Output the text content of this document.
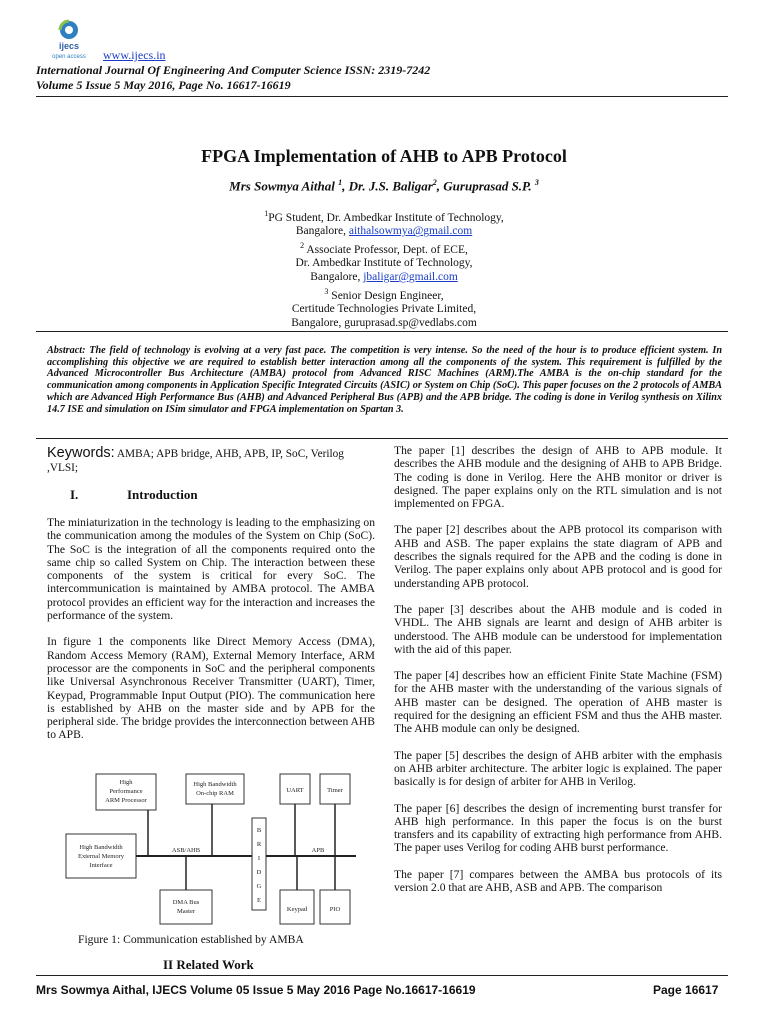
ijecs
open access www.ijecs.in
International Journal Of Engineering And Computer Science ISSN: 2319-7242
Volume 5 Issue 5 May 2016, Page No. 16617-16619
FPGA Implementation of AHB to APB Protocol
Mrs Sowmya Aithal $^1$, Dr. J.S. Baligar$^2$, Guruprasad S.P. $^3$
$^1$PG Student, Dr. Ambedkar Institute of Technology,
Bangalore, aithalsowmya@gmail.com
$^2$ Associate Professor, Dept. of ECE,
Dr. Ambedkar Institute of Technology,
Bangalore, jbaligar@gmail.com
$^3$ Senior Design Engineer,
Certitude Technologies Private Limited,
Bangalore, guruprasad.sp@vedlabs.com
Abstract: The field of technology is evolving at a very fast pace. The competition is very intense. So the need of the hour is to produce efficient system. In accomplishing this objective we are required to establish better interaction among all the components of the system. This requirement is fulfilled by the Advanced Microcontroller Bus Architecture (AMBA) protocol from Advanced RISC Machines (ARM).The AMBA is the on-chip standard for the communication among components in Application Specific Integrated Circuits (ASIC) or System on Chip (SoC). This paper focuses on the 2 protocols of AMBA which are Advanced High Performance Bus (AHB) and Advanced Peripheral Bus (APB) and the APB bridge. The coding is done in Verilog synthesis on Xilinx 14.7 ISE and simulation on ISim simulator and FPGA implementation on Spartan 3.
Keywords: AMBA; APB bridge, AHB, APB, IP, SoC, Verilog ,VLSI;
I.	Introduction

The miniaturization in the technology is leading to the emphasizing on the communication among the modules of the System on Chip (SoC). The SoC is the integration of all the components required onto the same chip so called System on Chip. The interaction between these components of the system is critical for every SoC. The intercommunication is maintained by AMBA protocol. The AMBA protocol provides an efficient way for the interaction and increases the performance of the system.

In figure 1 the components like Direct Memory Access (DMA), Random Access Memory (RAM), External Memory Interface, ARM processor are the components in SoC and the peripheral components like Universal Asynchronous Receiver Transmitter (UART), Timer, Keypad, Programmable Input Output (PIO). The communication here is established by AHB on the master side and by APB for the peripheral side. The bridge provides the interconnection between AHB to APB.

High
Performance
ARM Processor
High Bandwidth
On-chip RAM	UART	Timer
High Bandwidth
External Memory
Interface
ASB/AHB	APB
DMA Bus
Master	Keypad	PIO
B
R
I
D
G
E
Figure 1: Communication established by AMBA
II Related Work

The paper [1] describes the design of AHB to APB module. It describes the AHB module and the designing of AHB to APB Bridge. The coding is done in Verilog. Here the AHB monitor or driver is designed. The paper explains only on the RTL simulation and is not implemented on FPGA.

The paper [2] describes about the APB protocol its comparison with AHB and ASB. The paper explains the state diagram of APB and describes the signals required for the APB and the coding is done in Verilog. The paper explains only about APB protocol and is good for understanding APB protocol.

The paper [3] describes about the AHB module and is coded in VHDL. The AHB signals are learnt and design of AHB arbiter is understood. The AHB module can be understood for implementation with the aid of this paper.

The paper [4] describes how an efficient Finite State Machine (FSM) for the AHB master with the understanding of the various signals of AHB master can be designed. The operation of AHB master is required for the designing an efficient FSM and thus the AHB master. The AHB module can only be designed.

The paper [5] describes the design of AHB arbiter with the emphasis on AHB arbiter architecture. The arbiter logic is explained. The paper basically is for design of arbiter for AHB in Verilog.

The paper [6] describes the design of incrementing burst transfer for AHB high performance. In this paper the focus is on the burst transfers and its capability of extracting high performance from AHB. The paper uses Verilog for coding AHB burst performance.

The paper [7] compares between the AMBA bus protocols of its version 2.0 that are AHB, ASB and APB. The comparison

Mrs Sowmya Aithal, IJECS Volume 05 Issue 5 May 2016 Page No.16617-16619	Page 16617
